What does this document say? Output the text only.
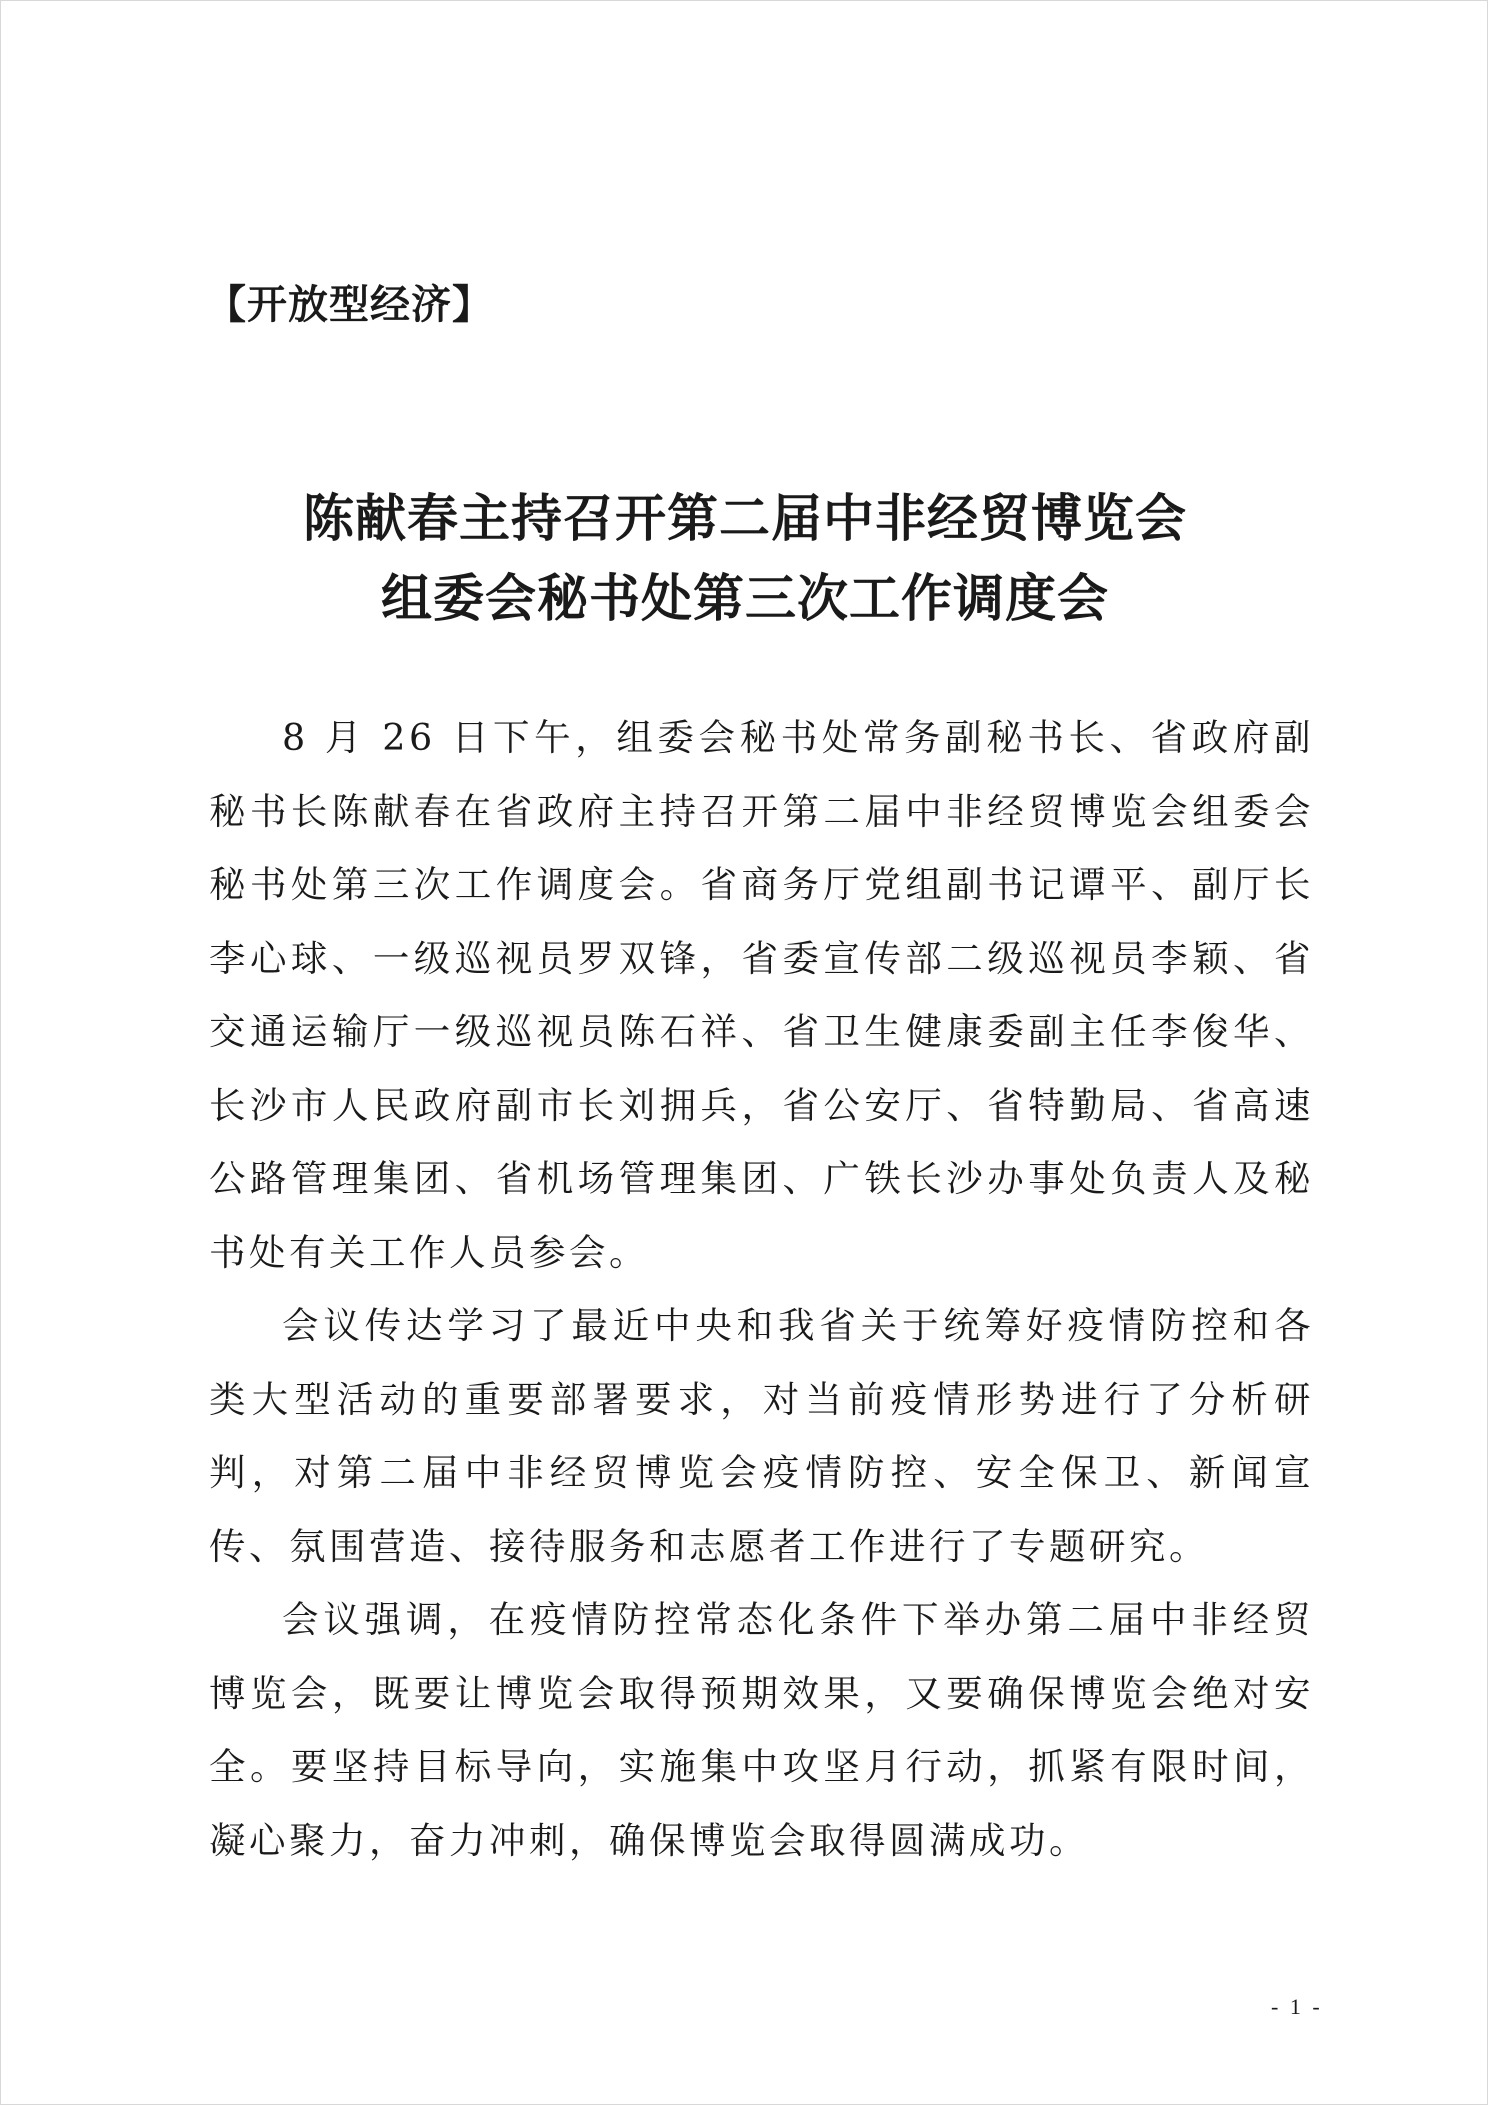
【开放型经济】

陈献春主持召开第二届中非经贸博览会
组委会秘书处第三次工作调度会

8 月 26 日下午，组委会秘书处常务副秘书长、省政府副秘书长陈献春在省政府主持召开第二届中非经贸博览会组委会秘书处第三次工作调度会。省商务厅党组副书记谭平、副厅长李心球、一级巡视员罗双锋，省委宣传部二级巡视员李颖、省交通运输厅一级巡视员陈石祥、省卫生健康委副主任李俊华、长沙市人民政府副市长刘拥兵，省公安厅、省特勤局、省高速公路管理集团、省机场管理集团、广铁长沙办事处负责人及秘书处有关工作人员参会。

会议传达学习了最近中央和我省关于统筹好疫情防控和各类大型活动的重要部署要求，对当前疫情形势进行了分析研判，对第二届中非经贸博览会疫情防控、安全保卫、新闻宣传、氛围营造、接待服务和志愿者工作进行了专题研究。

会议强调，在疫情防控常态化条件下举办第二届中非经贸博览会，既要让博览会取得预期效果，又要确保博览会绝对安全。要坚持目标导向，实施集中攻坚月行动，抓紧有限时间，凝心聚力，奋力冲刺，确保博览会取得圆满成功。

- 1 -
